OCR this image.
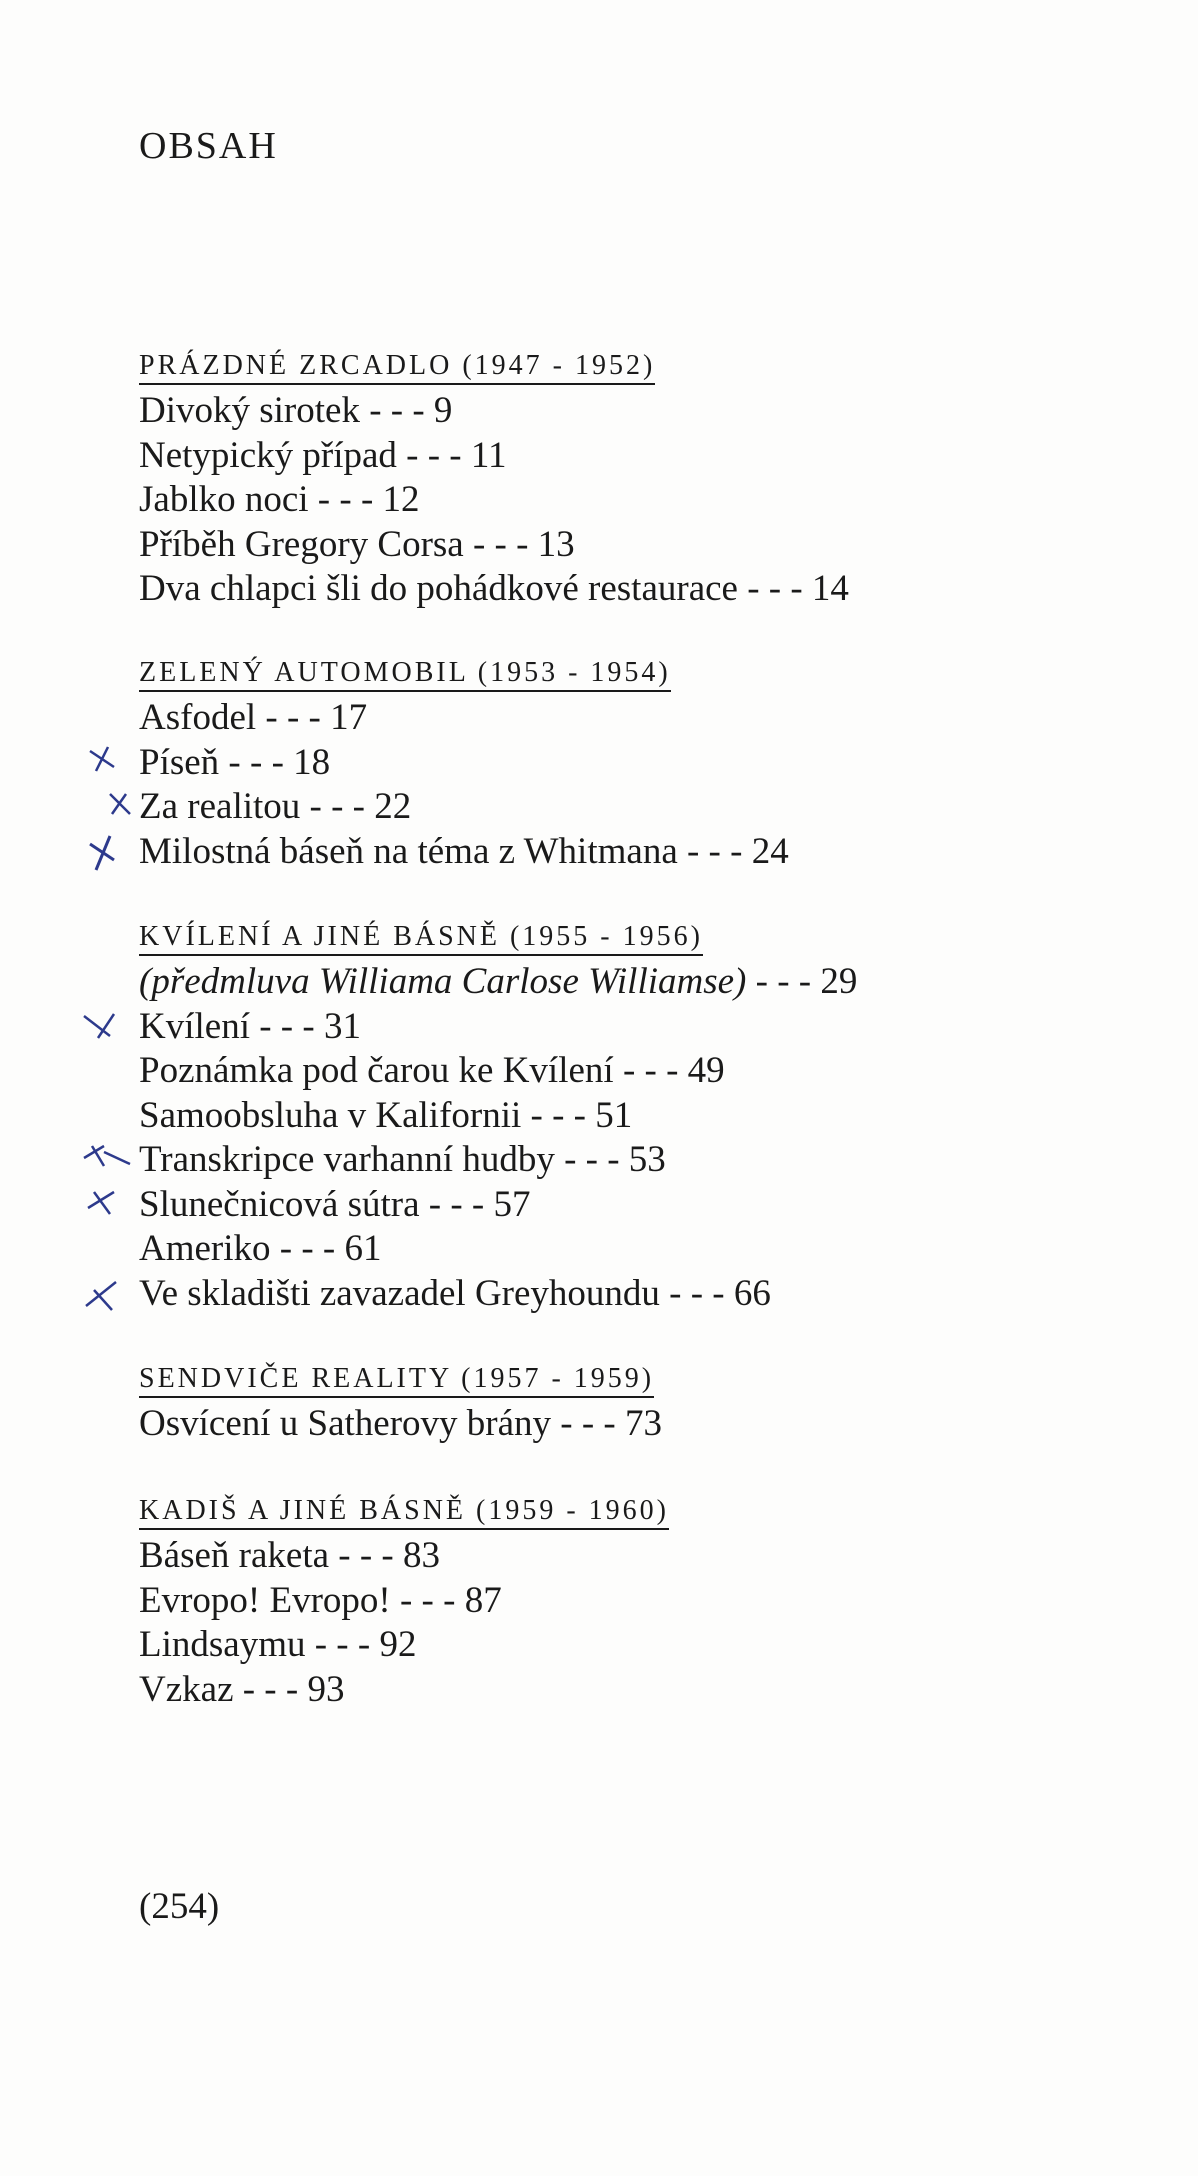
OBSAH
PRÁZDNÉ ZRCADLO (1947 - 1952)
Divoký sirotek - - - 9
Netypický případ - - - 11
Jablko noci - - - 12
Příběh Gregory Corsa - - - 13
Dva chlapci šli do pohádkové restaurace - - - 14
ZELENÝ AUTOMOBIL (1953 - 1954)
Asfodel - - - 17
Píseň - - - 18
Za realitou - - - 22
Milostná báseň na téma z Whitmana - - - 24
KVÍLENÍ A JINÉ BÁSNĚ (1955 - 1956)
(předmluva Williama Carlose Williamse) - - - 29
Kvílení - - - 31
Poznámka pod čarou ke Kvílení - - - 49
Samoobsluha v Kalifornii - - - 51
Transkripce varhanní hudby - - - 53
Slunečnicová sútra - - - 57
Ameriko - - - 61
Ve skladišti zavazadel Greyhoundu - - - 66
SENDVIČE REALITY (1957 - 1959)
Osvícení u Satherovy brány - - - 73
KADIŠ A JINÉ BÁSNĚ (1959 - 1960)
Báseň raketa - - - 83
Evropo! Evropo! - - - 87
Lindsaymu - - - 92
Vzkaz - - - 93
(254)
